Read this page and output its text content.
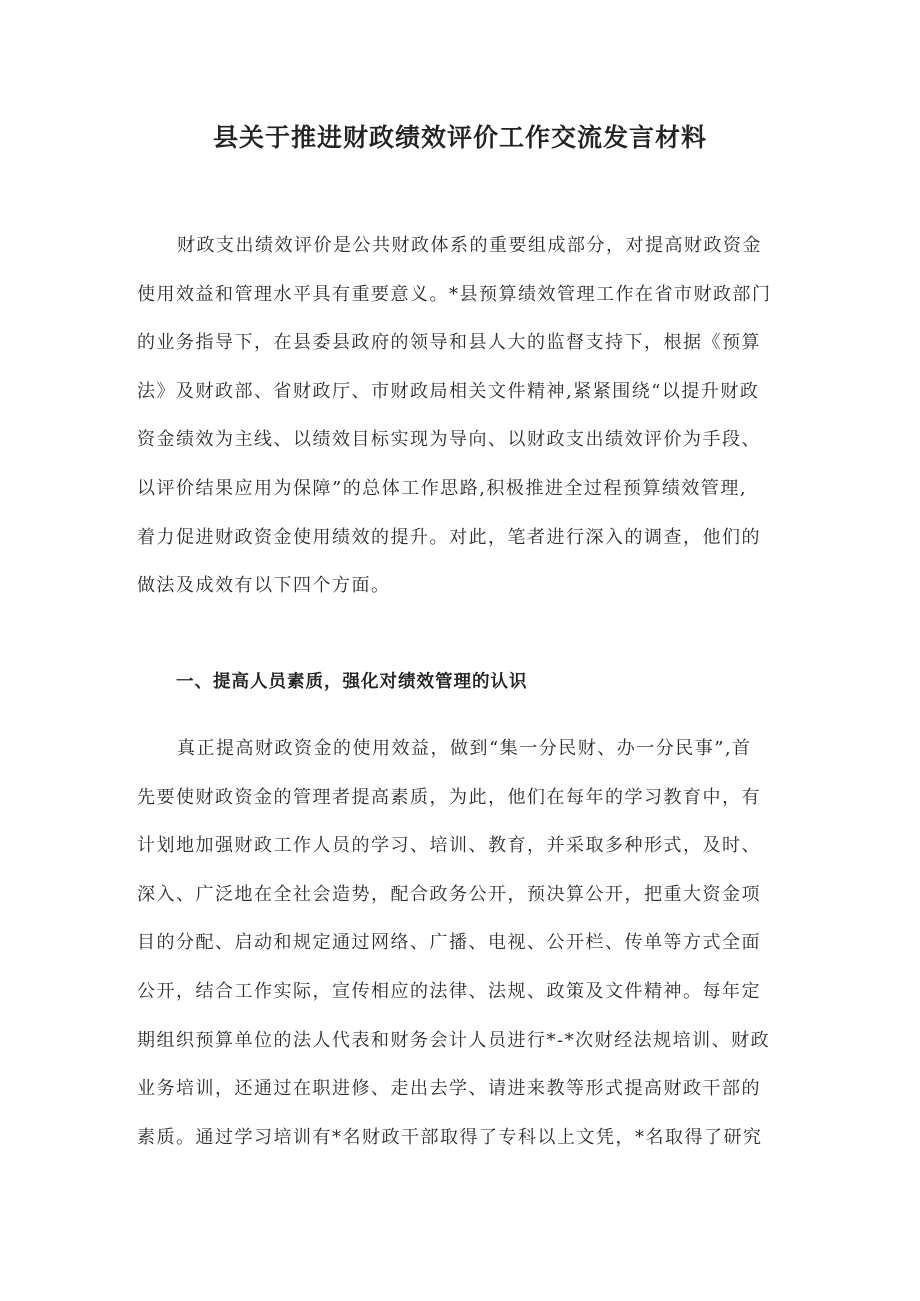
县关于推进财政绩效评价工作交流发言材料
财政支出绩效评价是公共财政体系的重要组成部分，对提高财政资金
使用效益和管理水平具有重要意义。*县预算绩效管理工作在省市财政部门
的业务指导下，在县委县政府的领导和县人大的监督支持下，根据《预算
法》及财政部、省财政厅、市财政局相关文件精神,紧紧围绕“以提升财政
资金绩效为主线、以绩效目标实现为导向、以财政支出绩效评价为手段、
以评价结果应用为保障”的总体工作思路,积极推进全过程预算绩效管理,
着力促进财政资金使用绩效的提升。对此，笔者进行深入的调查，他们的
做法及成效有以下四个方面。
一、提高人员素质，强化对绩效管理的认识
真正提高财政资金的使用效益，做到“集一分民财、办一分民事”,首
先要使财政资金的管理者提高素质，为此，他们在每年的学习教育中，有
计划地加强财政工作人员的学习、培训、教育，并采取多种形式，及时、
深入、广泛地在全社会造势，配合政务公开，预决算公开，把重大资金项
目的分配、启动和规定通过网络、广播、电视、公开栏、传单等方式全面
公开，结合工作实际，宣传相应的法律、法规、政策及文件精神。每年定
期组织预算单位的法人代表和财务会计人员进行*-*次财经法规培训、财政
业务培训，还通过在职进修、走出去学、请进来教等形式提高财政干部的
素质。通过学习培训有*名财政干部取得了专科以上文凭，*名取得了研究
